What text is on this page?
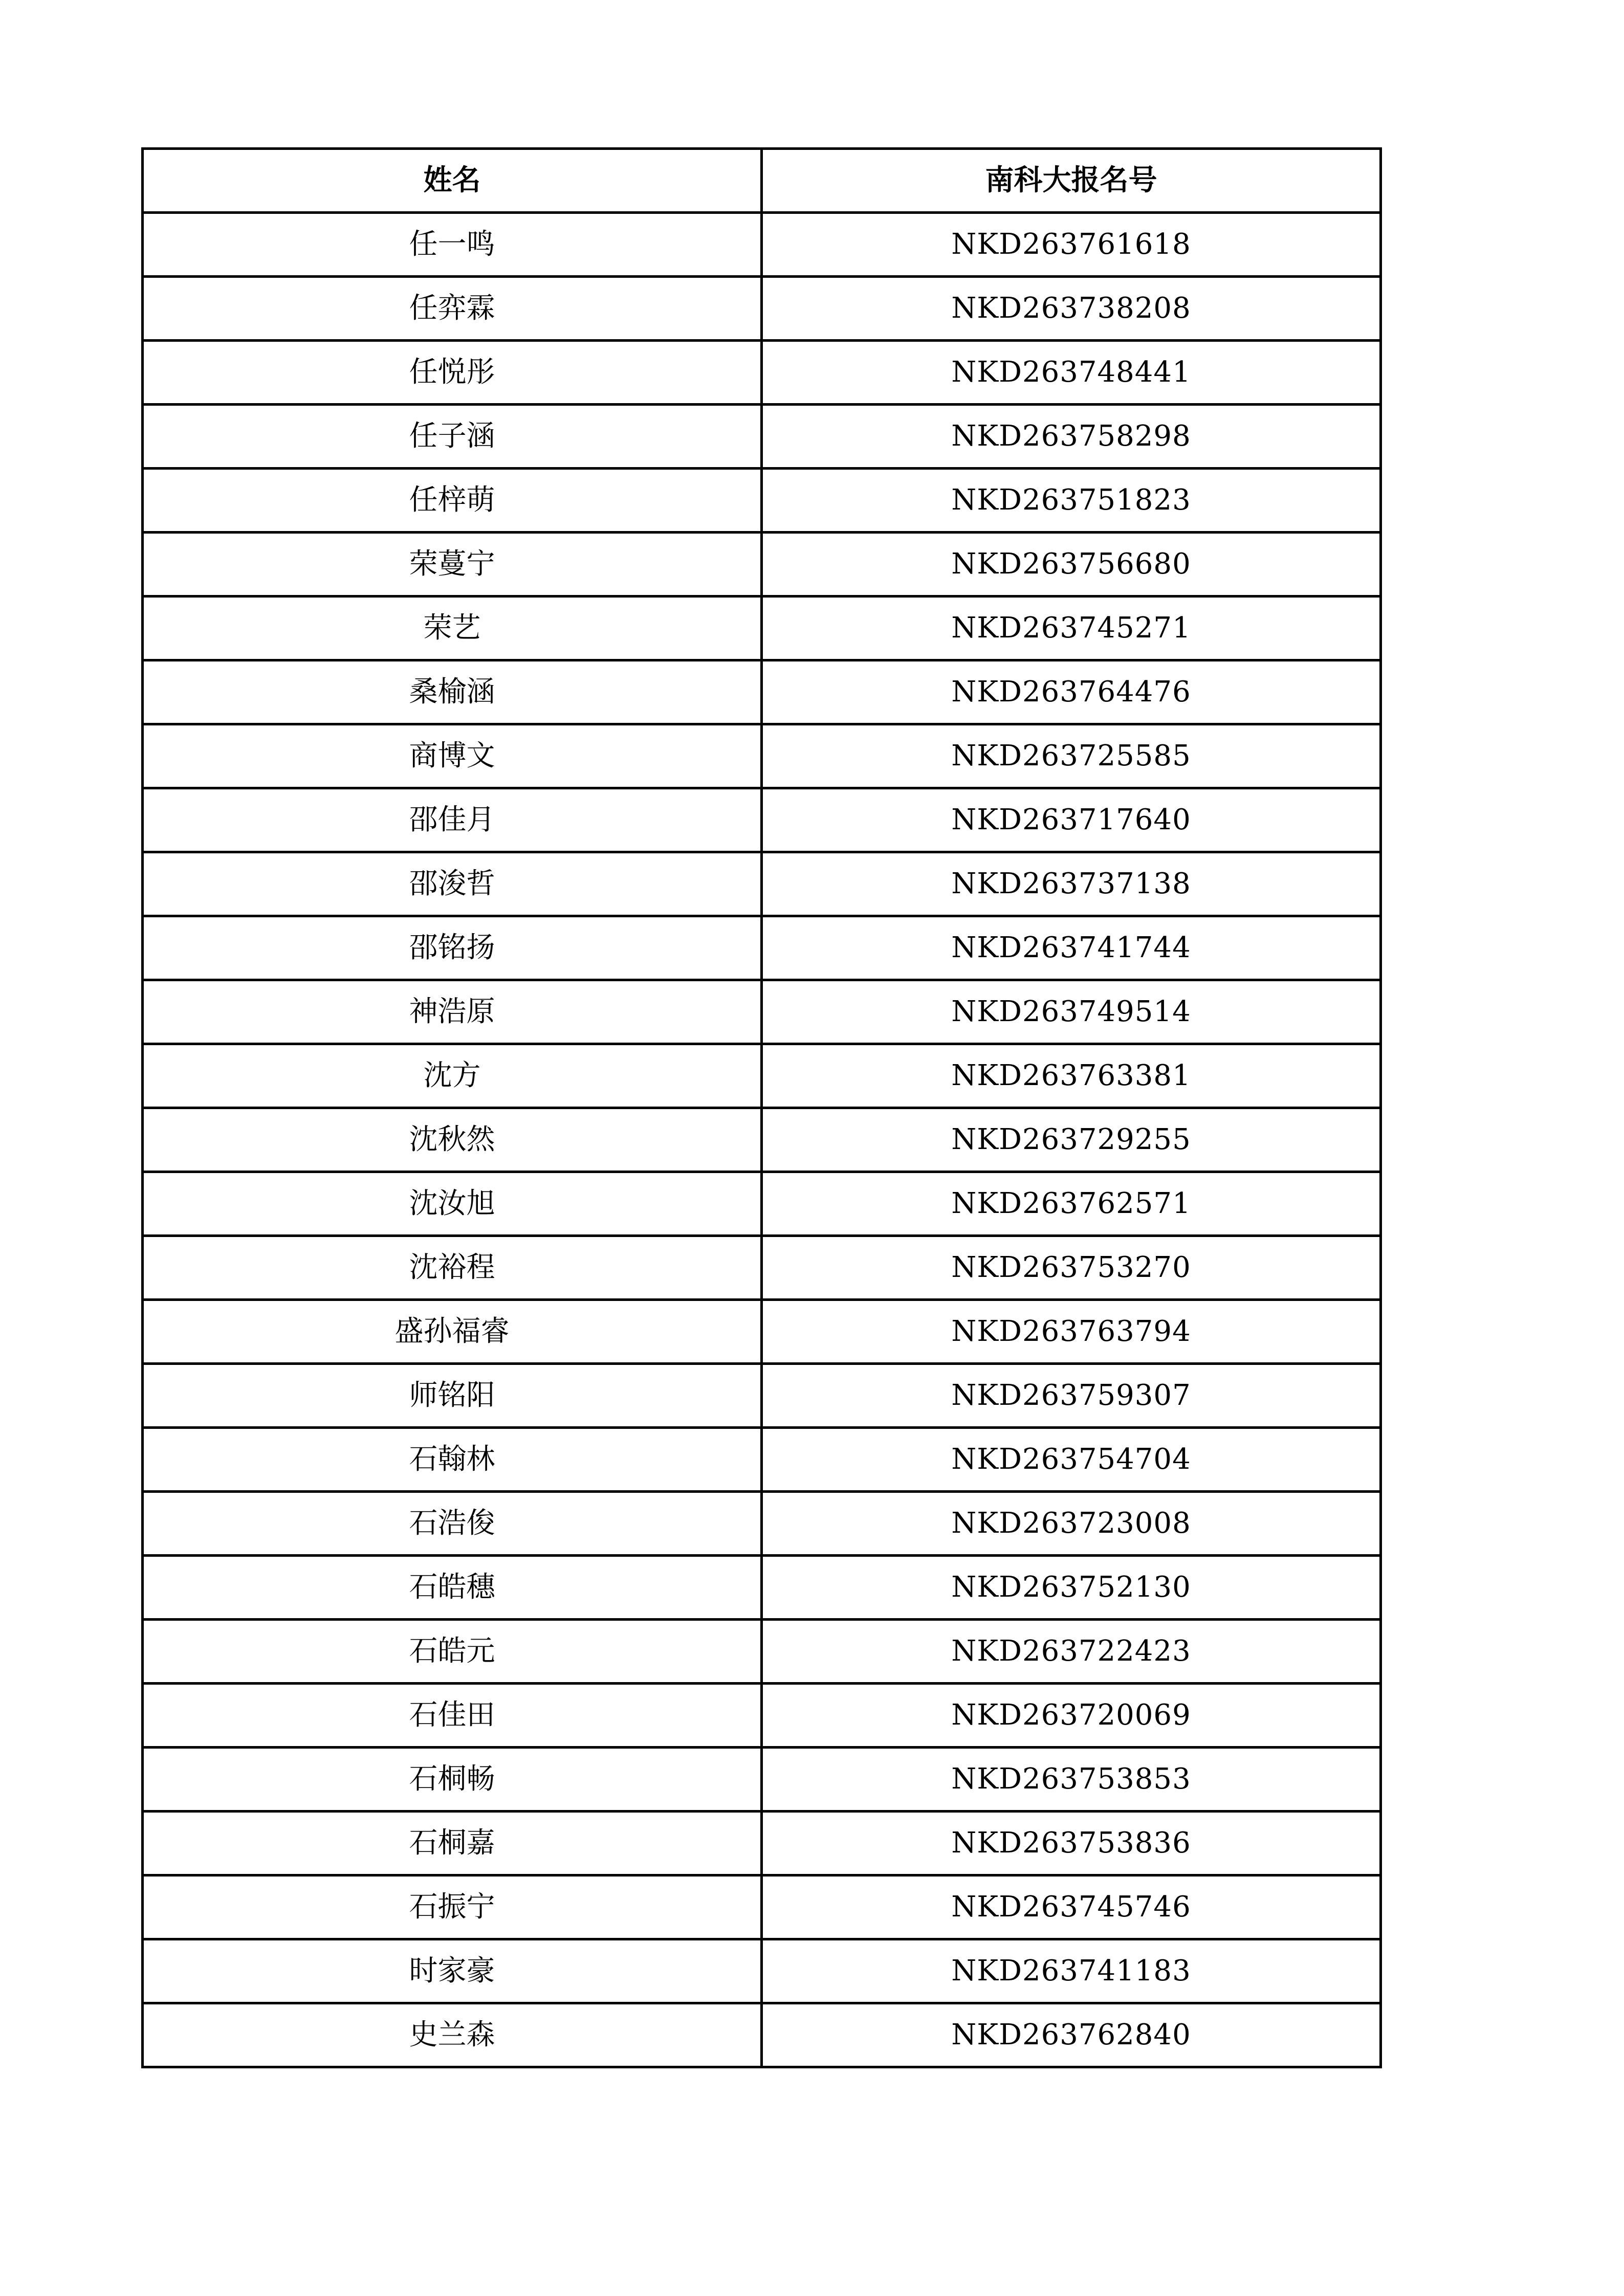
姓名	南科大报名号
任一鸣	NKD263761618
任弈霖	NKD263738208
任悦彤	NKD263748441
任子涵	NKD263758298
任梓萌	NKD263751823
荣蔓宁	NKD263756680
荣艺	NKD263745271
桑榆涵	NKD263764476
商博文	NKD263725585
邵佳月	NKD263717640
邵浚哲	NKD263737138
邵铭扬	NKD263741744
神浩原	NKD263749514
沈方	NKD263763381
沈秋然	NKD263729255
沈汝旭	NKD263762571
沈裕程	NKD263753270
盛孙福睿	NKD263763794
师铭阳	NKD263759307
石翰林	NKD263754704
石浩俊	NKD263723008
石皓穗	NKD263752130
石皓元	NKD263722423
石佳田	NKD263720069
石桐畅	NKD263753853
石桐嘉	NKD263753836
石振宁	NKD263745746
时家豪	NKD263741183
史兰森	NKD263762840
